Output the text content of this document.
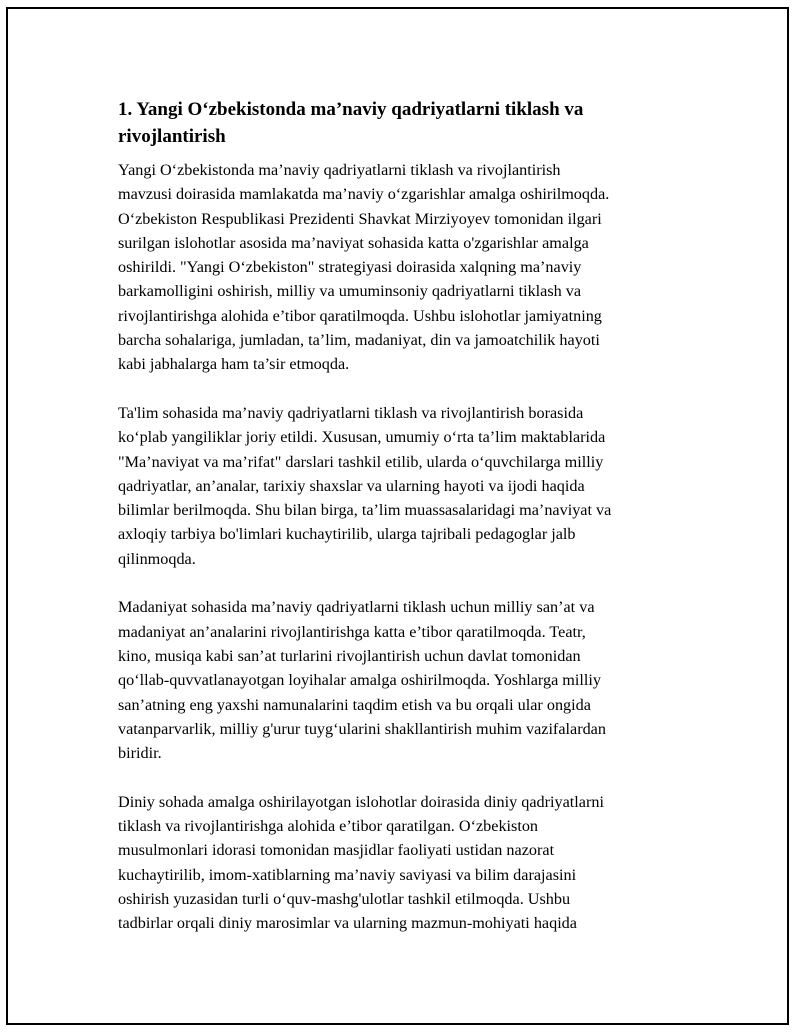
1. Yangi O‘zbekistonda ma’naviy qadriyatlarni tiklash va
rivojlantirish

Yangi O‘zbekistonda ma’naviy qadriyatlarni tiklash va rivojlantirish
mavzusi doirasida mamlakatda ma’naviy o‘zgarishlar amalga oshirilmoqda.
O‘zbekiston Respublikasi Prezidenti Shavkat Mirziyoyev tomonidan ilgari
surilgan islohotlar asosida ma’naviyat sohasida katta o'zgarishlar amalga
oshirildi. "Yangi O‘zbekiston" strategiyasi doirasida xalqning ma’naviy
barkamolligini oshirish, milliy va umuminsoniy qadriyatlarni tiklash va
rivojlantirishga alohida e’tibor qaratilmoqda. Ushbu islohotlar jamiyatning
barcha sohalariga, jumladan, ta’lim, madaniyat, din va jamoatchilik hayoti
kabi jabhalarga ham ta’sir etmoqda.

Ta'lim sohasida ma’naviy qadriyatlarni tiklash va rivojlantirish borasida
ko‘plab yangiliklar joriy etildi. Xususan, umumiy o‘rta ta’lim maktablarida
"Ma’naviyat va ma’rifat" darslari tashkil etilib, ularda o‘quvchilarga milliy
qadriyatlar, an’analar, tarixiy shaxslar va ularning hayoti va ijodi haqida
bilimlar berilmoqda. Shu bilan birga, ta’lim muassasalaridagi ma’naviyat va
axloqiy tarbiya bo'limlari kuchaytirilib, ularga tajribali pedagoglar jalb
qilinmoqda.

Madaniyat sohasida ma’naviy qadriyatlarni tiklash uchun milliy san’at va
madaniyat an’analarini rivojlantirishga katta e’tibor qaratilmoqda. Teatr,
kino, musiqa kabi san’at turlarini rivojlantirish uchun davlat tomonidan
qo‘llab-quvvatlanayotgan loyihalar amalga oshirilmoqda. Yoshlarga milliy
san’atning eng yaxshi namunalarini taqdim etish va bu orqali ular ongida
vatanparvarlik, milliy g'urur tuyg‘ularini shakllantirish muhim vazifalardan
biridir.

Diniy sohada amalga oshirilayotgan islohotlar doirasida diniy qadriyatlarni
tiklash va rivojlantirishga alohida e’tibor qaratilgan. O‘zbekiston
musulmonlari idorasi tomonidan masjidlar faoliyati ustidan nazorat
kuchaytirilib, imom-xatiblarning ma’naviy saviyasi va bilim darajasini
oshirish yuzasidan turli o‘quv-mashg'ulotlar tashkil etilmoqda. Ushbu
tadbirlar orqali diniy marosimlar va ularning mazmun-mohiyati haqida
